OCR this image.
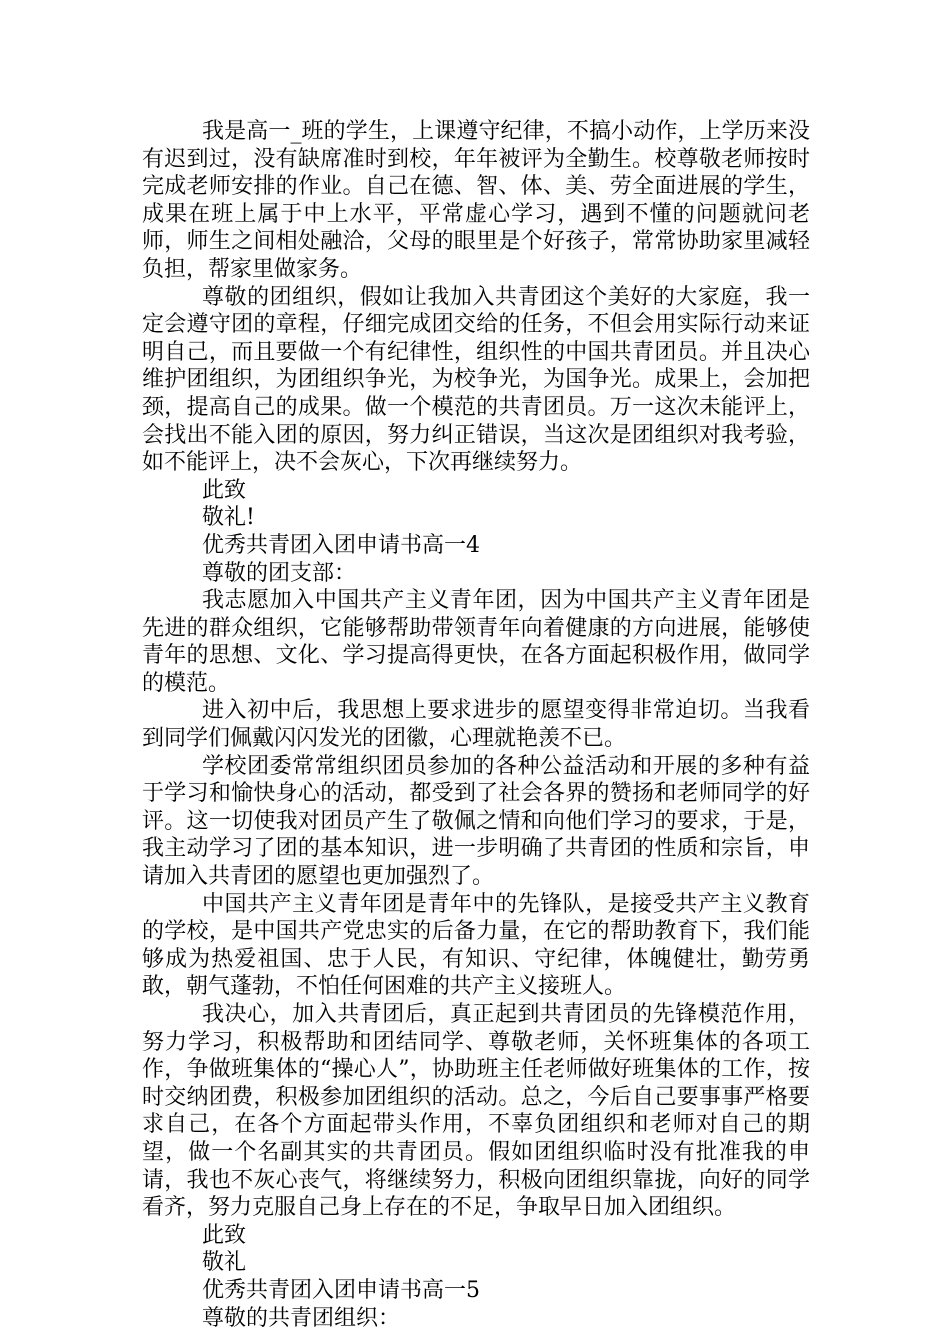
我是高一_班的学生，上课遵守纪律，不搞小动作，上学历来没有迟到过，没有缺席准时到校，年年被评为全勤生。校尊敬老师按时完成老师安排的作业。自己在德、智、体、美、劳全面进展的学生，成果在班上属于中上水平，平常虚心学习，遇到不懂的问题就问老师，师生之间相处融洽，父母的眼里是个好孩子，常常协助家里减轻负担，帮家里做家务。

尊敬的团组织，假如让我加入共青团这个美好的大家庭，我一定会遵守团的章程，仔细完成团交给的任务，不但会用实际行动来证明自己，而且要做一个有纪律性，组织性的中国共青团员。并且决心维护团组织，为团组织争光，为校争光，为国争光。成果上，会加把颈，提高自己的成果。做一个模范的共青团员。万一这次未能评上，会找出不能入团的原因，努力纠正错误，当这次是团组织对我考验，如不能评上，决不会灰心，下次再继续努力。

此致

敬礼!

优秀共青团入团申请书高一4

尊敬的团支部：

我志愿加入中国共产主义青年团，因为中国共产主义青年团是先进的群众组织，它能够帮助带领青年向着健康的方向进展，能够使青年的思想、文化、学习提高得更快，在各方面起积极作用，做同学的模范。

进入初中后，我思想上要求进步的愿望变得非常迫切。当我看到同学们佩戴闪闪发光的团徽，心理就艳羡不已。

学校团委常常组织团员参加的各种公益活动和开展的多种有益于学习和愉快身心的活动，都受到了社会各界的赞扬和老师同学的好评。这一切使我对团员产生了敬佩之情和向他们学习的要求，于是，我主动学习了团的基本知识，进一步明确了共青团的性质和宗旨，申请加入共青团的愿望也更加强烈了。

中国共产主义青年团是青年中的先锋队，是接受共产主义教育的学校，是中国共产党忠实的后备力量，在它的帮助教育下，我们能够成为热爱祖国、忠于人民，有知识、守纪律，体魄健壮，勤劳勇敢，朝气蓬勃，不怕任何困难的共产主义接班人。

我决心，加入共青团后，真正起到共青团员的先锋模范作用，努力学习，积极帮助和团结同学、尊敬老师，关怀班集体的各项工作，争做班集体的“操心人”，协助班主任老师做好班集体的工作，按时交纳团费，积极参加团组织的活动。总之，今后自己要事事严格要求自己，在各个方面起带头作用，不辜负团组织和老师对自己的期望，做一个名副其实的共青团员。假如团组织临时没有批准我的申请，我也不灰心丧气，将继续努力，积极向团组织靠拢，向好的同学看齐，努力克服自己身上存在的不足，争取早日加入团组织。

此致

敬礼

优秀共青团入团申请书高一5

尊敬的共青团组织：
